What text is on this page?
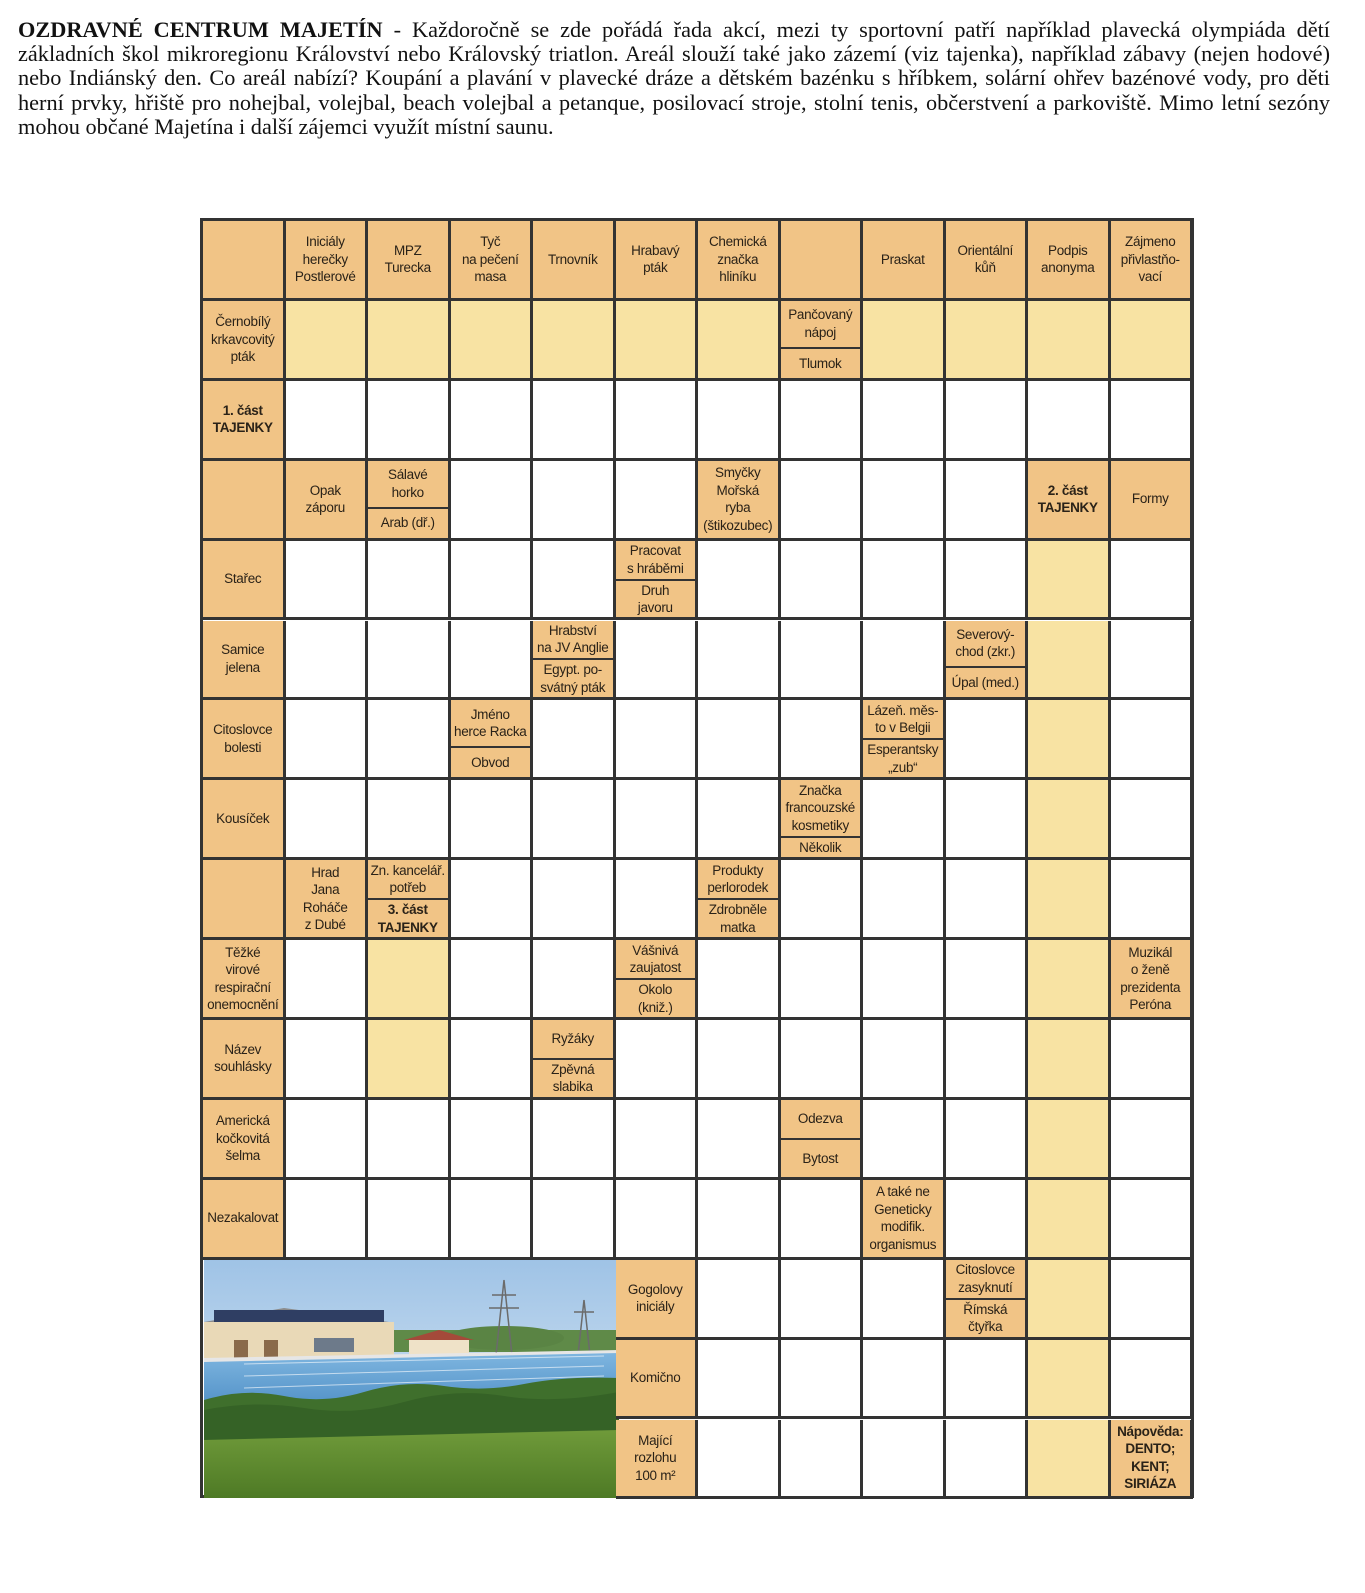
OZDRAVNÉ CENTRUM MAJETÍN - Každoročně se zde pořádá řada akcí, mezi ty sportovní patří například plavecká olympiáda dětí základních škol mikroregionu Království nebo Královský triatlon. Areál slouží také jako zázemí (viz tajenka), například zábavy (nejen hodové) nebo Indiánský den. Co areál nabízí? Koupání a plavání v plavecké dráze a dětském bazénku s hříbkem, solární ohřev bazénové vody, pro děti herní prvky, hřiště pro nohejbal, volejbal, beach volejbal a petanque, posilovací stroje, stolní tenis, občerstvení a parkoviště. Mimo letní sezóny mohou občané Majetína i další zájemci využít místní saunu.
Iniciály
herečky
Postlerové
MPZ
Turecka
Tyč
na pečení
masa
Trnovník
Hrabavý
pták
Chemická
značka
hliníku
Praskat
Orientální
kůň
Podpis
anonyma
Zájmeno
přivlastňo-
vací
Černobílý
krkavcovitý
pták
Pančovaný
nápoj
Tlumok
1. část
TAJENKY
Opak
záporu
Sálavé
horko
Arab (dř.)
Smyčky
Mořská
ryba
(štikozubec)
2. část
TAJENKY
Formy
Stařec
Pracovat
s hráběmi
Druh
javoru
Samice
jelena
Hrabství
na JV Anglie
Egypt. po-
svátný pták
Severový-
chod (zkr.)
Úpal (med.)
Citoslovce
bolesti
Jméno
herce Racka
Obvod
Lázeň. měs-
to v Belgii
Esperantsky
„zub“
Kousíček
Značka
francouzské
kosmetiky
Několik
Hrad
Jana
Roháče
z Dubé
Zn. kancelář.
potřeb
3. část
TAJENKY
Produkty
perlorodek
Zdrobněle
matka
Těžké
virové
respirační
onemocnění
Vášnivá
zaujatost
Okolo
(kniž.)
Muzikál
o ženě
prezidenta
Peróna
Název
souhlásky
Ryžáky
Zpěvná
slabika
Americká
kočkovitá
šelma
Odezva
Bytost
Nezakalovat
A také ne
Geneticky
modifik.
organismus
Gogolovy
iniciály
Citoslovce
zasyknutí
Římská
čtyřka
Komično
Mající
rozlohu
100 m²
Nápověda:
DENTO;
KENT;
SIRIÁZA
